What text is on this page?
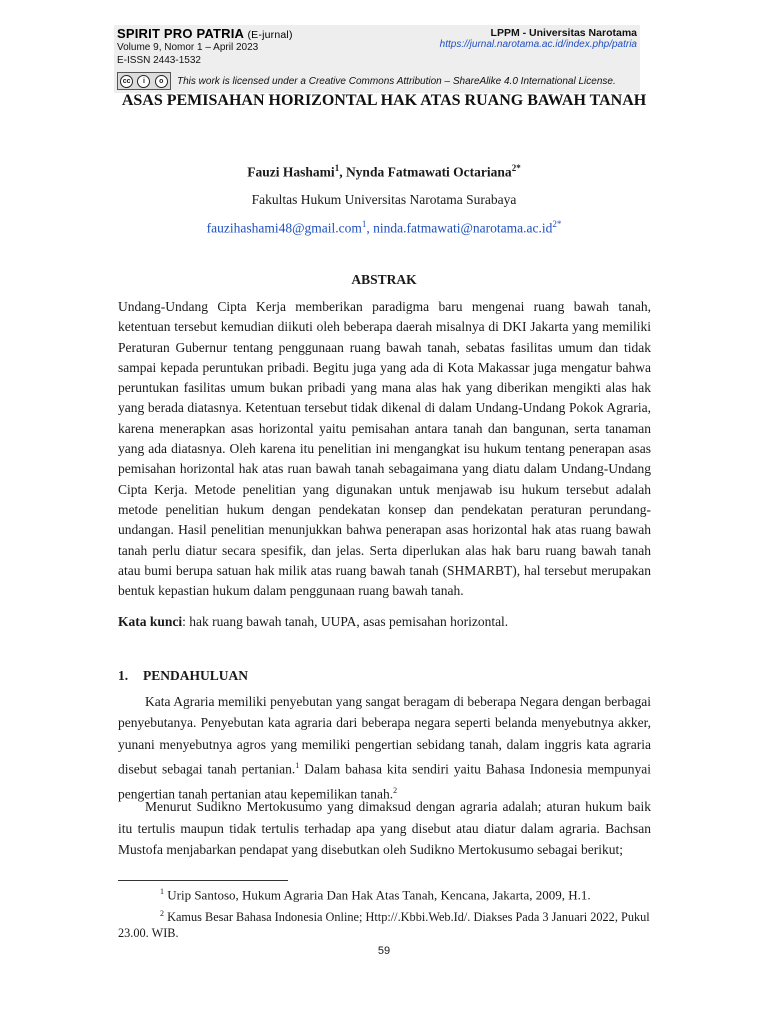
SPIRIT PRO PATRIA (E-jurnal)
Volume 9, Nomor 1 – April 2023
E-ISSN 2443-1532
LPPM - Universitas Narotama
https://jurnal.narotama.ac.id/index.php/patria
cc	i	o	This work is licensed under a Creative Commons Attribution – ShareAlike 4.0 International License.
ASAS PEMISAHAN HORIZONTAL HAK ATAS RUANG BAWAH TANAH
Fauzi Hashami$^1$, Nynda Fatmawati Octariana$^{2*}$
Fakultas Hukum Universitas Narotama Surabaya
fauzihashami48@gmail.com$^1$, $ninda.fatmawati@narotama.ac.id^{2*}$
ABSTRAK
Undang-Undang Cipta Kerja memberikan paradigma baru mengenai ruang bawah tanah, ketentuan tersebut kemudian diikuti oleh beberapa daerah misalnya di DKI Jakarta yang memiliki Peraturan Gubernur tentang penggunaan ruang bawah tanah, sebatas fasilitas umum dan tidak sampai kepada peruntukan pribadi. Begitu juga yang ada di Kota Makassar juga mengatur bahwa peruntukan fasilitas umum bukan pribadi yang mana alas hak yang diberikan mengikti alas hak yang berada diatasnya. Ketentuan tersebut tidak dikenal di dalam Undang-Undang Pokok Agraria, karena menerapkan asas horizontal yaitu pemisahan antara tanah dan bangunan, serta tanaman yang ada diatasnya. Oleh karena itu penelitian ini mengangkat isu hukum tentang penerapan asas pemisahan horizontal hak atas ruan bawah tanah sebagaimana yang diatu dalam Undang-Undang Cipta Kerja. Metode penelitian yang digunakan untuk menjawab isu hukum tersebut adalah metode penelitian hukum dengan pendekatan konsep dan pendekatan peraturan perundang-undangan. Hasil penelitian menunjukkan bahwa penerapan asas horizontal hak atas ruang bawah tanah perlu diatur secara spesifik, dan jelas. Serta diperlukan alas hak baru ruang bawah tanah atau bumi berupa satuan hak milik atas ruang bawah tanah (SHMARBT), hal tersebut merupakan bentuk kepastian hukum dalam penggunaan ruang bawah tanah.
Kata kunci: hak ruang bawah tanah, UUPA, asas pemisahan horizontal.
1. PENDAHULUAN
Kata Agraria memiliki penyebutan yang sangat beragam di beberapa Negara dengan berbagai penyebutanya. Penyebutan kata agraria dari beberapa negara seperti belanda menyebutnya akker, yunani menyebutnya agros yang memiliki pengertian sebidang tanah, dalam inggris kata agraria disebut sebagai tanah pertanian.$^1$ Dalam bahasa kita sendiri yaitu Bahasa Indonesia mempunyai pengertian tanah pertanian atau kepemilikan tanah.$^2$
Menurut Sudikno Mertokusumo yang dimaksud dengan agraria adalah; aturan hukum baik itu tertulis maupun tidak tertulis terhadap apa yang disebut atau diatur dalam agraria. Bachsan Mustofa menjabarkan pendapat yang disebutkan oleh Sudikno Mertokusumo sebagai berikut;
$^1$ Urip Santoso, Hukum Agraria Dan Hak Atas Tanah, Kencana, Jakarta, 2009, H.1.
$^2$ Kamus Besar Bahasa Indonesia Online; Http://.Kbbi.Web.Id/. Diakses Pada 3 Januari 2022, Pukul 23.00. WIB.
59
